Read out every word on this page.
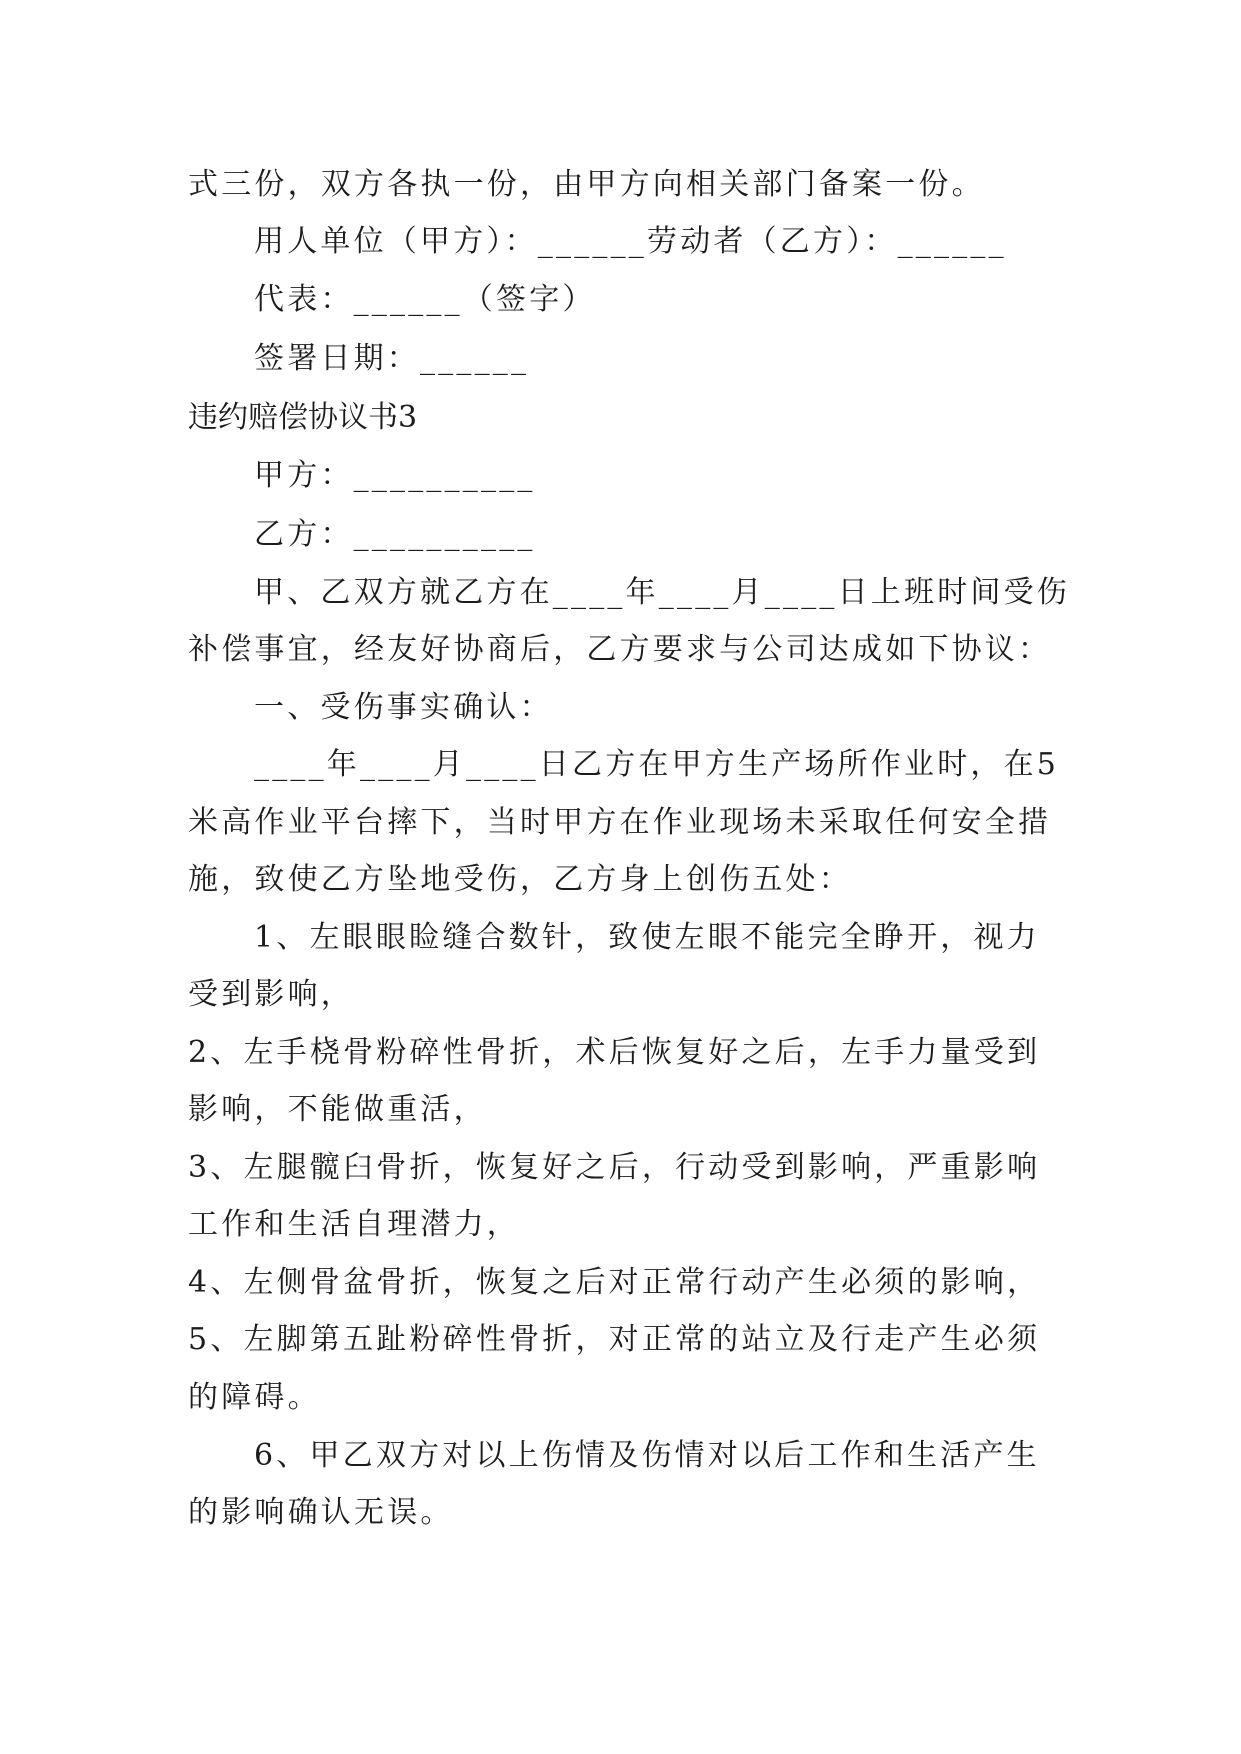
式三份，双方各执一份，由甲方向相关部门备案一份。
用人单位（甲方）：______劳动者（乙方）：______
代表：______（签字）
签署日期：______
违约赔偿协议书3
甲方：__________
乙方：__________
甲、乙双方就乙方在____年____月____日上班时间受伤
补偿事宜，经友好协商后，乙方要求与公司达成如下协议：
一、受伤事实确认：
____年____月____日乙方在甲方生产场所作业时，在5
米高作业平台摔下，当时甲方在作业现场未采取任何安全措
施，致使乙方坠地受伤，乙方身上创伤五处：
1、左眼眼睑缝合数针，致使左眼不能完全睁开，视力
受到影响，
2、左手桡骨粉碎性骨折，术后恢复好之后，左手力量受到
影响，不能做重活，
3、左腿髋臼骨折，恢复好之后，行动受到影响，严重影响
工作和生活自理潜力，
4、左侧骨盆骨折，恢复之后对正常行动产生必须的影响，
5、左脚第五趾粉碎性骨折，对正常的站立及行走产生必须
的障碍。
6、甲乙双方对以上伤情及伤情对以后工作和生活产生
的影响确认无误。
